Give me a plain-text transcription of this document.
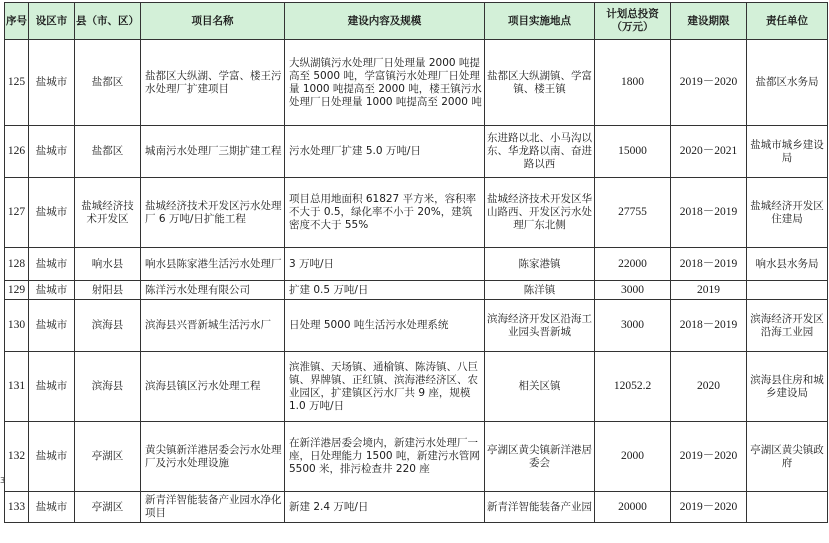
序号	设区市	县（市、区）	项目名称	建设内容及规模	项目实施地点	计划总投资（万元）	建设期限	责任单位
125	盐城市	盐都区	盐都区大纵湖、学富、楼王污水处理厂扩建项目	大纵湖镇污水处理厂日处理量 2000 吨提高至 5000 吨，学富镇污水处理厂日处理量 1000 吨提高至 2000 吨，楼王镇污水处理厂日处理量 1000 吨提高至 2000 吨	盐都区大纵湖镇、学富镇、楼王镇	1800	2019－2020	盐都区水务局
126	盐城市	盐都区	城南污水处理厂三期扩建工程	污水处理厂扩建 5.0 万吨/日	东进路以北、小马沟以东、华龙路以南、奋进路以西	15000	2020－2021	盐城市城乡建设局
127	盐城市	盐城经济技术开发区	盐城经济技术开发区污水处理厂 6 万吨/日扩能工程	项目总用地面积 61827 平方米，容积率不大于 0.5，绿化率不小于 20%，建筑密度不大于 55%	盐城经济技术开发区华山路西、开发区污水处理厂东北侧	27755	2018－2019	盐城经济开发区住建局
128	盐城市	响水县	响水县陈家港生活污水处理厂	3 万吨/日	陈家港镇	22000	2018－2019	响水县水务局
129	盐城市	射阳县	陈洋污水处理有限公司	扩建 0.5 万吨/日	陈洋镇	3000	2019	
130	盐城市	滨海县	滨海县兴晋新城生活污水厂	日处理 5000 吨生活污水处理系统	滨海经济开发区沿海工业园头晋新城	3000	2018－2019	滨海经济开发区沿海工业园
131	盐城市	滨海县	滨海县镇区污水处理工程	滨淮镇、天场镇、通榆镇、陈涛镇、八巨镇、界牌镇、正红镇、滨海港经济区、农业园区，扩建镇区污水厂共 9 座，规模 1.0 万吨/日	相关区镇	12052.2	2020	滨海县住房和城乡建设局
132	盐城市	亭湖区	黄尖镇新洋港居委会污水处理厂及污水处理设施	在新洋港居委会境内，新建污水处理厂一座，日处理能力 1500 吨，新建污水管网 5500 米，排污检查井 220 座	亭湖区黄尖镇新洋港居委会	2000	2019－2020	亭湖区黄尖镇政府
133	盐城市	亭湖区	新青洋智能装备产业园水净化项目	新建 2.4 万吨/日	新青洋智能装备产业园	20000	2019－2020	
3
